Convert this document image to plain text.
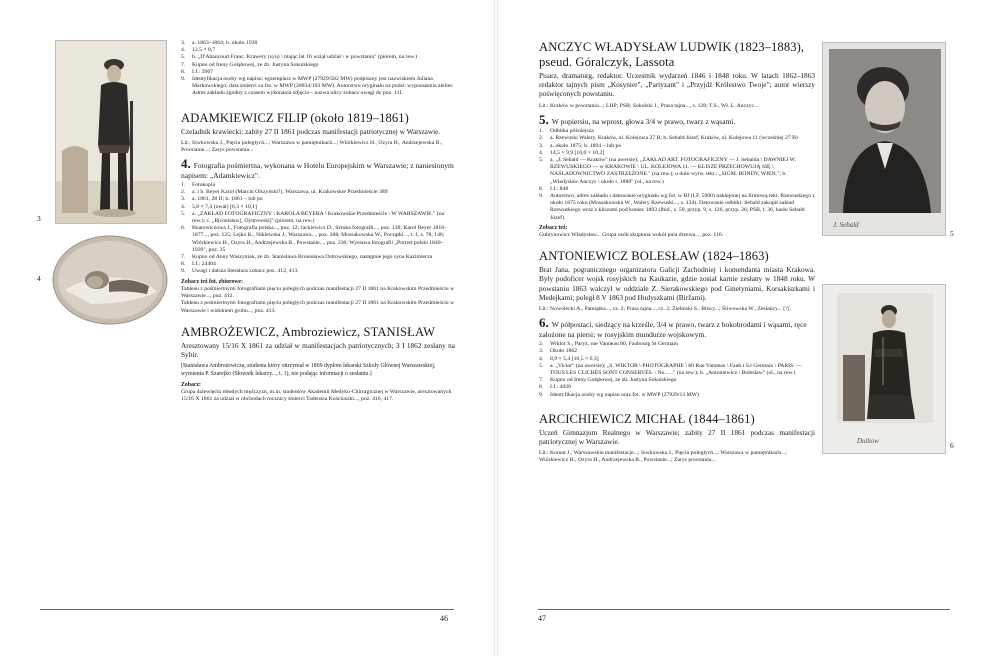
3
4
3. a. 1863–1864; b. około 1930
4. 12,5 × 8,7
5. b. „D'Abancourt Franc. Krawery (syn) \ mając lat 16 wziął udział \ w powstaniu" (piórem, na rew.)
7. Kupno od Ireny Gołąbowej, ze zb. Justyna Sokulskiego
8. I.f.: 3967
9. Identyfikacja osoby wg napisu; egzemplarz w MWP (27929/582 MW) podpisany jest nazwiskiem Juliana Markowskiego; data śmierci za fot. w MWP (28834/103 MW). Autorstwo oryginału na podst. wyposażenia atelier. Adres zakładu zgodny z czasem wykonania zdjęcia – nazwa ulicy zobacz uwagi do poz. 111.
ADAMKIEWICZ FILIP (około 1819–1861)

Czeladnik krawiecki; zabity 27 II 1861 podczas manifestacji patriotycznej w Warszawie.

Lit.: Siwkowska J., Pięciu poległych...; Warszawa w pamiętnikach...; Wiórkiewicz H., Ozyra H., Andrzejewska B., Powstanie...; Zarys powstania...

4. Fotografia pośmiertna, wykonana w Hotelu Europejskim w Warszawie; z naniesionym napisem: „Adamkiewicz".

1. Fotokopia
2. a. i b. Beyer Karol (Marcin Olszyński?), Warszawa, ul. Krakowskie Przedmieście 389
3. a. 1861, 28 II; b. 1861 – lub po
4. 5,8 × 7,4 (owal) [6,3 × 10,1]
5. a. „ZAKŁAD FOTOGRAFICZNY \ KAROLA BEYERA \ Krakowskie Przedmieście \ W WARSZAWIE." (na rew.); c. „B[ronisław]. O[strowski]" (piórem, na rew.)
6. Bnatowiczowa J., Fotografia polska..., poz. 12; Jackiewicz D., Sztuka fotografii..., poz. 138; Karol Beyer 1818–1877..., poz. 125; Lejko K., Niklewska J., Warszawa..., poz. 388; Mossakowska W., Początki..., t. 1, s. 78, 146; Wiórkiewicz H., Ozyra H., Andrzejewska B., Powstanie..., poz. 230; Wystawa fotografii „Portret polski 1840–1939", poz. 35
7. Kupno od Anny Waszyniak, ze zb. Stanisława Bronisława Ostrowskiego, następnie jego syna Kazimierza
8. I.f.: 24404
9. Uwagi i dalsza literatura zobacz poz. 412, 413.

Zobacz też fot. zbiorowe:

Tableau z pośmiertnymi fotografiami pięciu poległych podczas manifestacji 27 II 1861 na Krakowskim Przedmieściu w Warszawie..., poz. 412.

Tableau z pośmiertnymi fotografiami pięciu poległych podczas manifestacji 27 II 1861 na Krakowskim Przedmieściu w Warszawie i widokiem grobu..., poz. 413.

AMBROŻEWICZ, Ambroziewicz, STANISŁAW

Aresztowany 15/16 X 1861 za udział w manifestacjach patriotycznych; 3 I 1862 zesłany na Sybir.

[Stanisława Ambrożewicza, studenta który ottrzymał w 1869 dyplom lekarski Szkoły Głównej Warszawskiej, wymienia P. Szarejko (Słownik lekarzy..., t. 1), nie podając informacji o zesłaniu.]

Zobacz:

Grupa dziewięciu młodych mężczyzn, m.in. studentów Akademii Medyko-Chirurgicznej w Warszawie, aresztowanych 15/16 X 1861 za udział w obchodach rocznicy śmierci Tadeusza Kościuszki..., poz. 416, 417.

46
J. Sebald
5
Dutkow	6
ANCZYC WŁADYSŁAW LUDWIK (1823–1883),
pseud. Góralczyk, Lassota

Pisarz, dramaturg, redaktor. Uczestnik wydarzeń 1846 i 1848 roku. W latach 1862–1863 redaktor tajnych pism „Kosynier", „Partyzant" i „Przyjdź Królestwo Twoje"; autor wierszy poświęconych powstaniu.

Lit.: Kraków w powstaniu...; LHP; PSB; Sokulski J., Prasa tajna..., s. 128; T.S., Wł. L. Anczyc...

5. W popiersiu, na wprost, głowa 3/4 w prawo, twarz z wąsami.

1. Odbitka późniejsza
2. a. Rzewuski Walery, Kraków, ul. Kolejowa 27 B; b. Sebald Józef, Kraków, ul. Kolejowa 11 (wcześniej 27 B)
3. a. około 1875; b. 1894 – lub po
4. 14,5 × 9,9 [16,0 × 10,2]
5. a. „J. Sebald — Kraków" (na awersie); „ZAKŁAD ART. FOTOGRAFICZNY — J. Sebalda \ DAWNIEJ W. RZEWUSKIEGO — w KRAKOWIE \ UL. KOLEJOWA 11. — KLISZE PRZECHOWUJĄ SIĘ \ NAŚLADOWNICTWO ZASTRZEŻONE." (na rew.); u dołu wytw. tekt.: „SIGM. BONDY, WIEN."; b. „Władysław Anczyc \ około r. 1880" (ol., na rew.)
8. I.f.: 848
9. Autorstwo, adres zakładu i datowanie oryginału wg fot. w BJ (I.F. 5900) naklejonej na firmową tekt. Rzewuskiego z około 1875 roku (Mossakowska W., Walery Rzewuski..., s. 134). Datowanie odbitki: Sebald zakupił zakład Rzewuskiego wraz z kliszami pod koniec 1893 (Ibid., s. 50, przyp. 9, s. 126, przyp. 26; PSB, t. 36, hasło Sebald Józef).

Zobacz też:

Gubrynowicz Władysław... Grupa osób skupiona wokół pnia drzewa..., poz. 116.

ANTONIEWICZ BOLESŁAW (1824–1863)

Brat Jana, pogranicznego organizatora Galicji Zachodniej i komendanta miasta Krakowa. Były podoficer wojsk rosyjskich na Kaukazie, gdzie został karnie zesłany w 1848 roku. W powstaniu 1863 walczył w oddziale Z. Sierakowskiego pod Ginetyniami, Korsakiszkami i Medejkami; poległ 8 V 1863 pod Hudyszkami (Biržami).

Lit.: Nowolecki A., Pamiątka..., cz. 2; Prasa tajna..., cz. 2; Zieliński S., Bitwy...; Śliwowska W., Zesłańcy... [?].

6. W półpostaci, siedzący na krześle, 3/4 w prawo, twarz z bokobrodami i wąsami, ręce założone na piersi; w rosyjskim mundurze wojskowym.

2. Wiktor S., Paryż, rue Vanneau 80, Faubourg St Germain
3. Około 1862
4. 8,9 × 5,4 [10,5 × 6,3]
5. a. „Victor" (na awersie); „S. WIKTOR \ PHOTOGRAPHE \ 80 Rue Vanneau \ Faub.t S.t Germain \ PARIS. — TOUS LES CLICHÉS SONT CONSERVÉS. \ No......" (na rew.); b. „Antoniewicz \ Bolesław" (ol., na rew.)
7. Kupno od Ireny Gołąbowej, ze zb. Justyna Sokulskiego
8. I.f.: 4026
9. Identyfikacja osoby wg napisu oraz fot. w MWP (27929/13 MW)
ARCICHIEWICZ MICHAŁ (1844–1861)

Uczeń Gimnazjum Realnego w Warszawie; zabity 27 II 1861 podczas manifestacji patriotycznej w Warszawie.

Lit.: Komar J., Warszawskie manifestacje...; Siwkowska J., Pięciu poległych...; Warszawa w pamiętnikach...; Wiórkiewicz H., Ozyra H., Andrzejewska B., Powstanie...; Zarys powstania...

47
